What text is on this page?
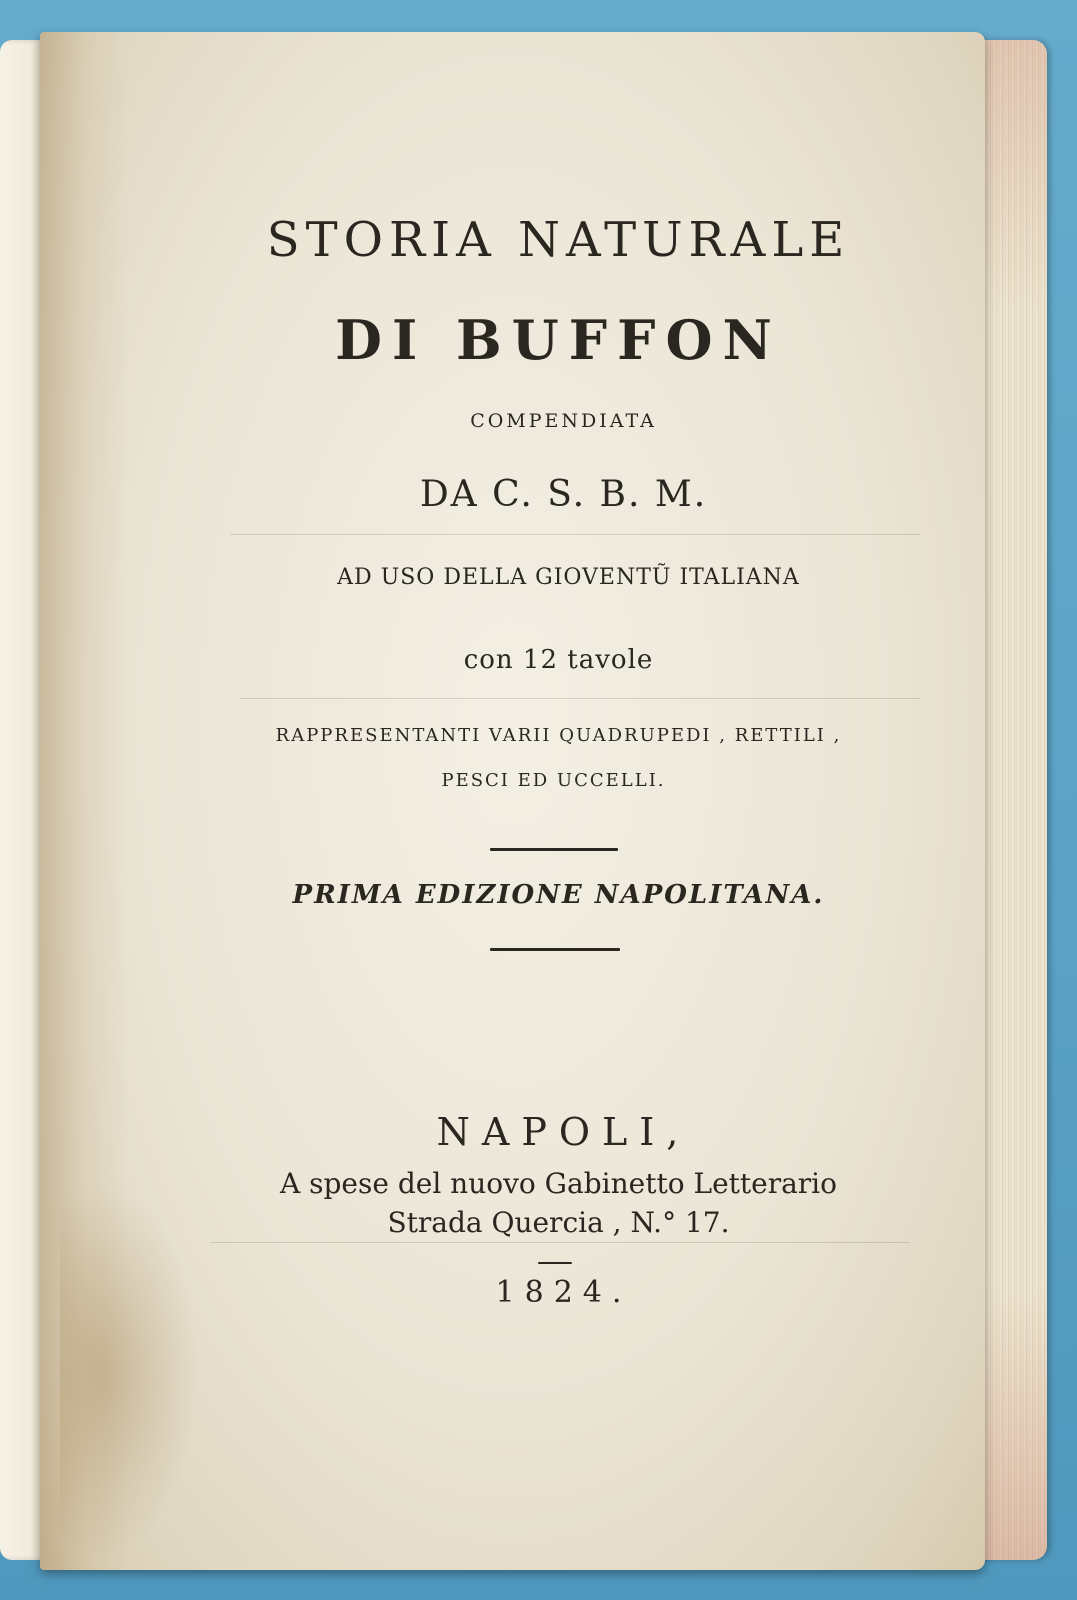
STORIA NATURALE
DI BUFFON
COMPENDIATA
DA C. S. B. M.
AD USO DELLA GIOVENTŨ ITALIANA
con 12 tavole
RAPPRESENTANTI VARII QUADRUPEDI , RETTILI ,
PESCI ED UCCELLI.
PRIMA EDIZIONE NAPOLITANA.
NAPOLI,
A spese del nuovo Gabinetto Letterario
Strada Quercia , N.° 17.
1824.
